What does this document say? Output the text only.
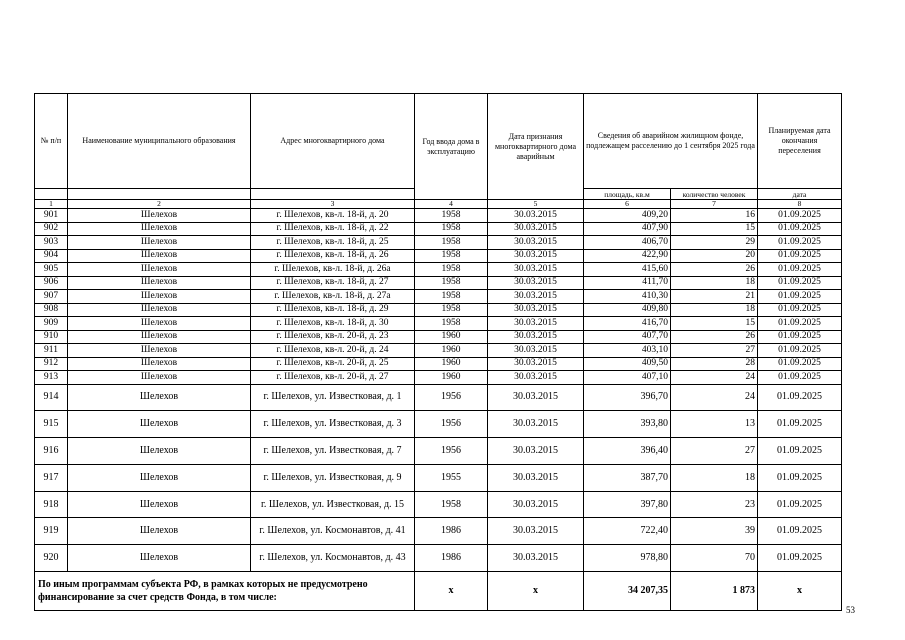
№ п/п	Наименование муниципального образования	Адрес многоквартирного дома	Год ввода дома в эксплуатацию	Дата признания многоквартирного дома аварийным	Сведения об аварийном жилищном фонде, подлежащем расселению до 1 сентября 2025 года		Планируемая дата окончания переселения
					площадь, кв.м	количество человек	дата
1	2	3	4	5	6	7	8
901	Шелехов	г. Шелехов, кв-л. 18-й, д. 20	1958	30.03.2015	409,20	16	01.09.2025
902	Шелехов	г. Шелехов, кв-л. 18-й, д. 22	1958	30.03.2015	407,90	15	01.09.2025
903	Шелехов	г. Шелехов, кв-л. 18-й, д. 25	1958	30.03.2015	406,70	29	01.09.2025
904	Шелехов	г. Шелехов, кв-л. 18-й, д. 26	1958	30.03.2015	422,90	20	01.09.2025
905	Шелехов	г. Шелехов, кв-л. 18-й, д. 26а	1958	30.03.2015	415,60	26	01.09.2025
906	Шелехов	г. Шелехов, кв-л. 18-й, д. 27	1958	30.03.2015	411,70	18	01.09.2025
907	Шелехов	г. Шелехов, кв-л. 18-й, д. 27а	1958	30.03.2015	410,30	21	01.09.2025
908	Шелехов	г. Шелехов, кв-л. 18-й, д. 29	1958	30.03.2015	409,80	18	01.09.2025
909	Шелехов	г. Шелехов, кв-л. 18-й, д. 30	1958	30.03.2015	416,70	15	01.09.2025
910	Шелехов	г. Шелехов, кв-л. 20-й, д. 23	1960	30.03.2015	407,70	26	01.09.2025
911	Шелехов	г. Шелехов, кв-л. 20-й, д. 24	1960	30.03.2015	403,10	27	01.09.2025
912	Шелехов	г. Шелехов, кв-л. 20-й, д. 25	1960	30.03.2015	409,50	28	01.09.2025
913	Шелехов	г. Шелехов, кв-л. 20-й, д. 27	1960	30.03.2015	407,10	24	01.09.2025
914	Шелехов	г. Шелехов, ул. Известковая, д. 1	1956	30.03.2015	396,70	24	01.09.2025
915	Шелехов	г. Шелехов, ул. Известковая, д. 3	1956	30.03.2015	393,80	13	01.09.2025
916	Шелехов	г. Шелехов, ул. Известковая, д. 7	1956	30.03.2015	396,40	27	01.09.2025
917	Шелехов	г. Шелехов, ул. Известковая, д. 9	1955	30.03.2015	387,70	18	01.09.2025
918	Шелехов	г. Шелехов, ул. Известковая, д. 15	1958	30.03.2015	397,80	23	01.09.2025
919	Шелехов	г. Шелехов, ул. Космонавтов, д. 41	1986	30.03.2015	722,40	39	01.09.2025
920	Шелехов	г. Шелехов, ул. Космонавтов, д. 43	1986	30.03.2015	978,80	70	01.09.2025
По иным программам субъекта РФ, в рамках которых не предусмотрено финансирование за счет средств Фонда, в том числе:			x	x	34 207,35	1 873	x
53
